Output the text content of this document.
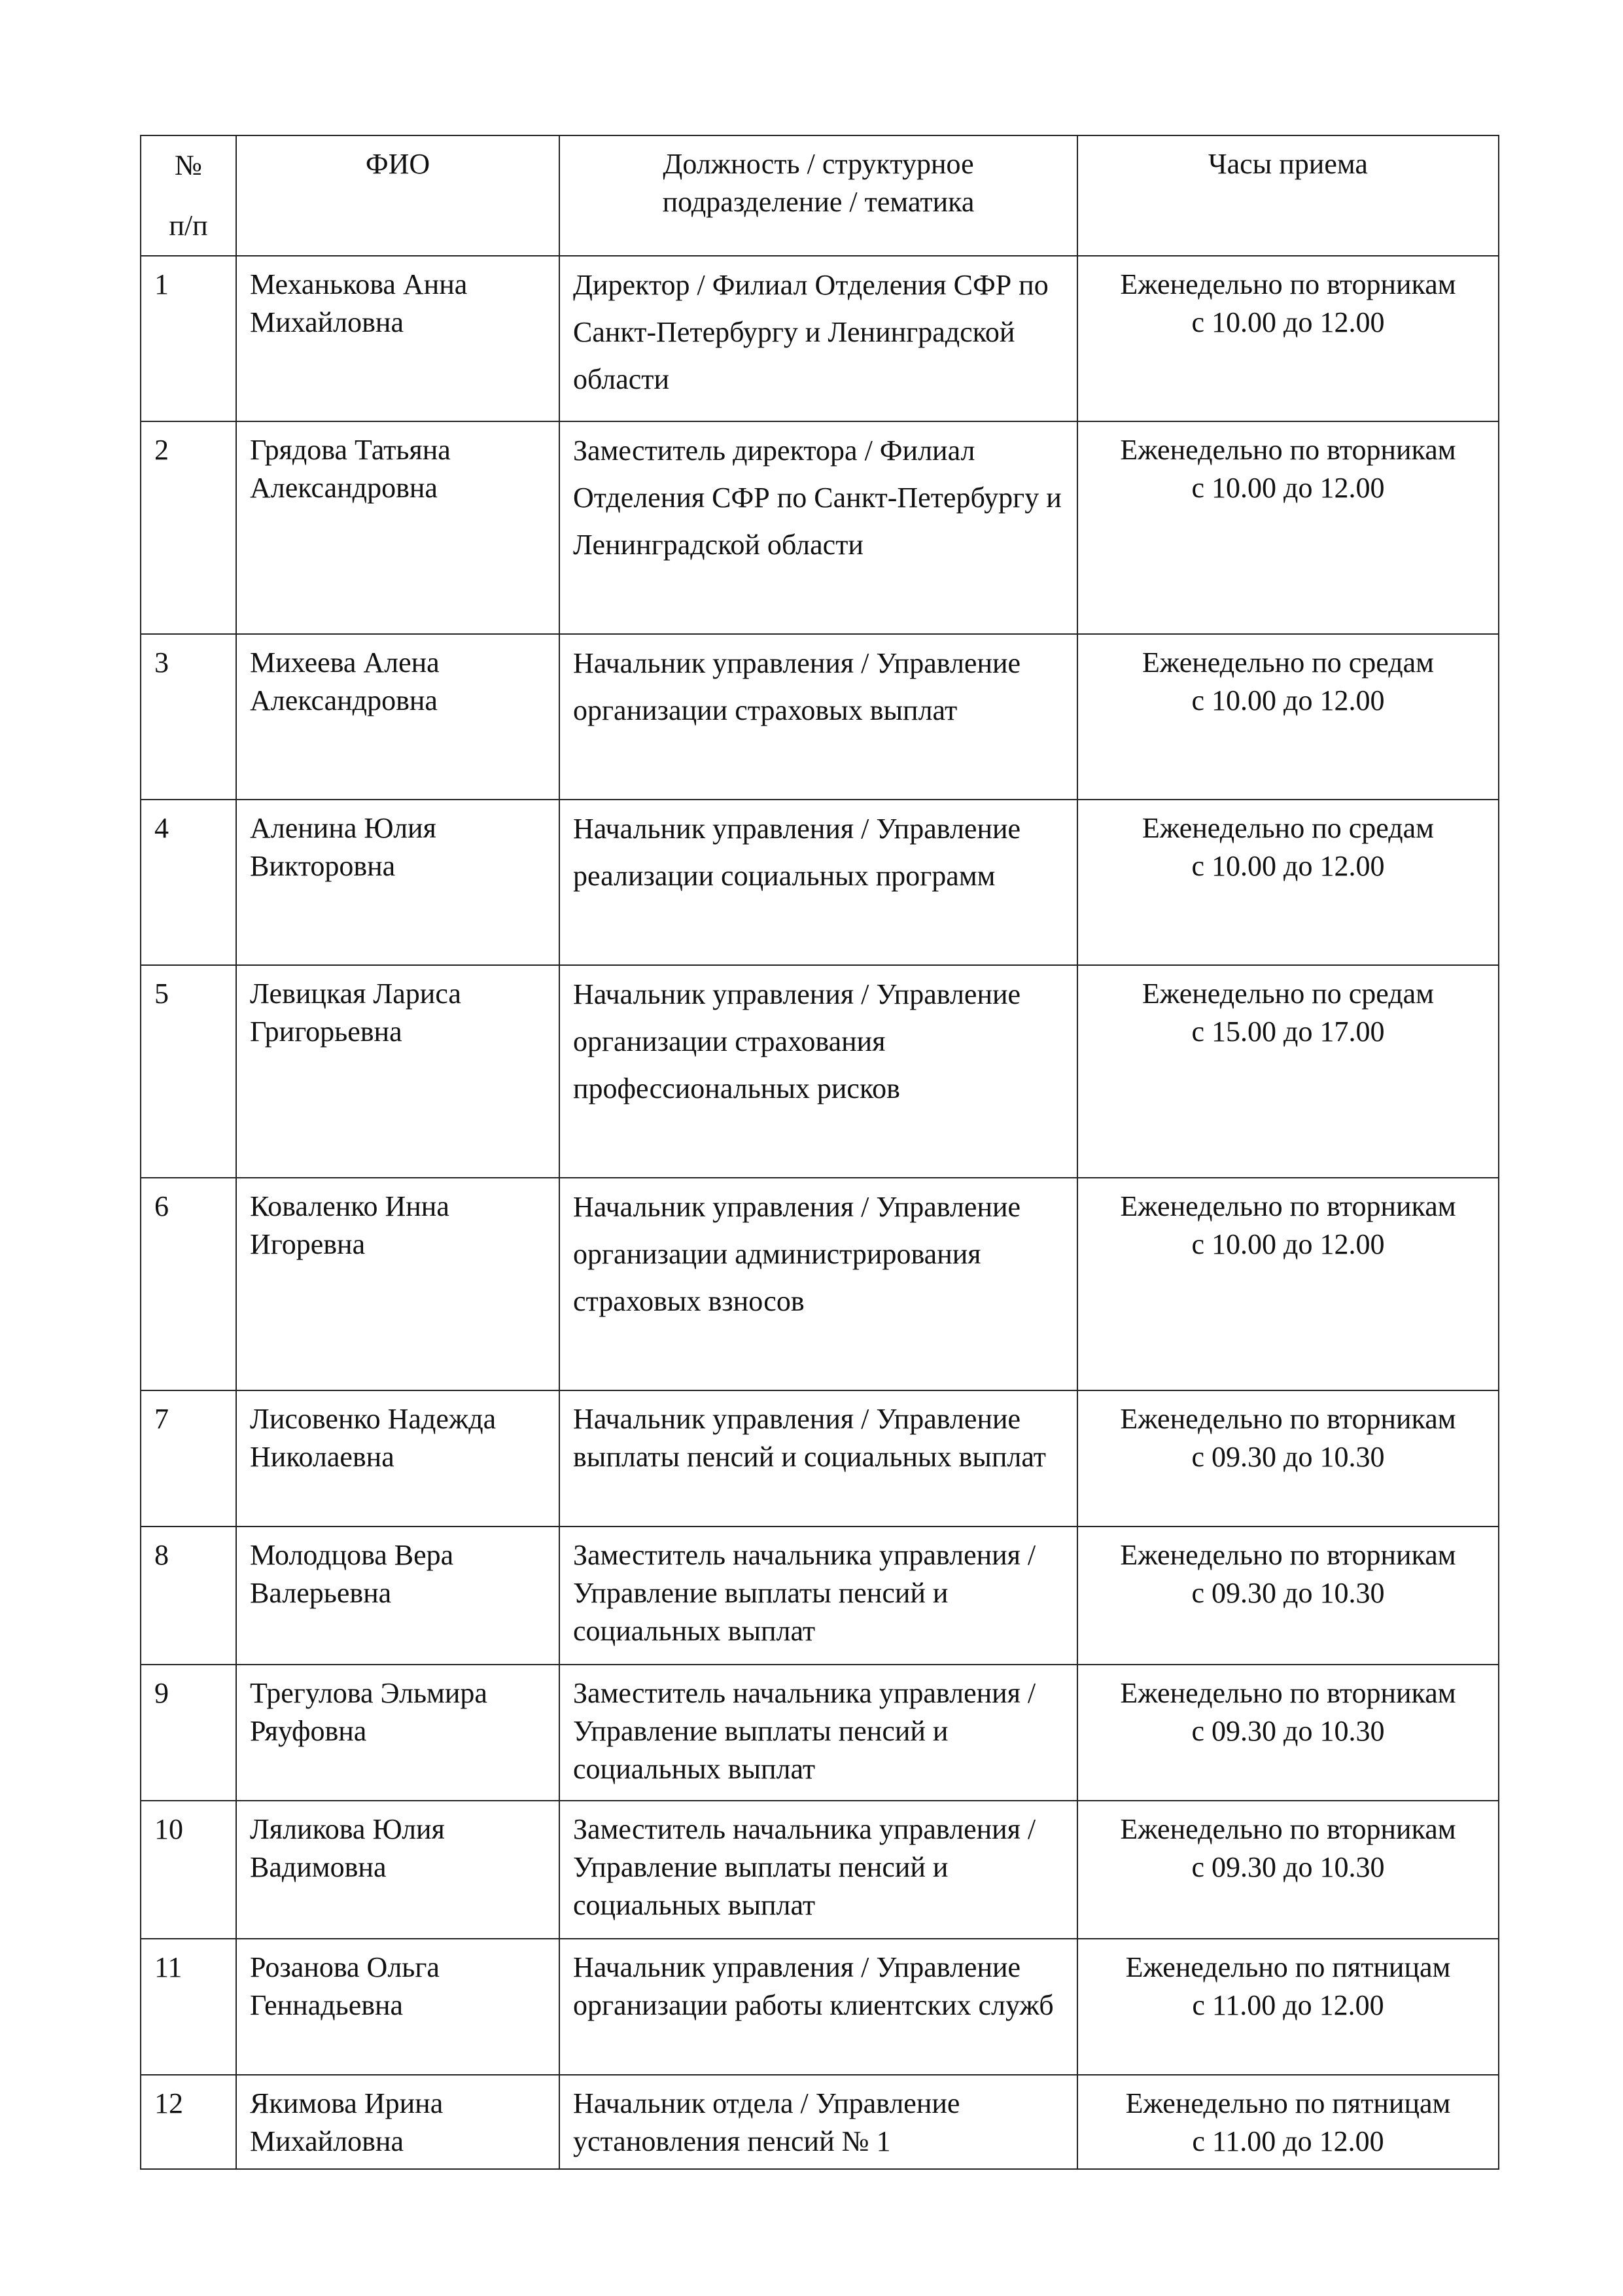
№
п/п	ФИО	Должность / структурное подразделение / тематика	Часы приема
1	Механькова Анна Михайловна	Директор / Филиал Отделения СФР по Санкт-Петербургу и Ленинградской области	Еженедельно по вторникам
с 10.00 до 12.00

2	Грядова Татьяна Александровна	Заместитель директора / Филиал Отделения СФР по Санкт-Петербургу и Ленинградской области	Еженедельно по вторникам
с 10.00 до 12.00

3	Михеева Алена Александровна	Начальник управления / Управление организации страховых выплат	Еженедельно по средам
с 10.00 до 12.00

4	Аленина Юлия Викторовна	Начальник управления / Управление реализации социальных программ	Еженедельно по средам
с 10.00 до 12.00

5	Левицкая Лариса Григорьевна	Начальник управления / Управление организации страхования профессиональных рисков	Еженедельно по средам
с 15.00 до 17.00

6	Коваленко Инна Игоревна	Начальник управления / Управление организации администрирования страховых взносов	Еженедельно по вторникам
с 10.00 до 12.00

7	Лисовенко Надежда Николаевна	Начальник управления / Управление выплаты пенсий и социальных выплат	Еженедельно по вторникам
с 09.30 до 10.30

8	Молодцова Вера Валерьевна	Заместитель начальника управления / Управление выплаты пенсий и социальных выплат	Еженедельно по вторникам
с 09.30 до 10.30

9	Трегулова Эльмира Ряуфовна	Заместитель начальника управления / Управление выплаты пенсий и социальных выплат	Еженедельно по вторникам
с 09.30 до 10.30

10	Ляликова Юлия Вадимовна	Заместитель начальника управления / Управление выплаты пенсий и социальных выплат	Еженедельно по вторникам
с 09.30 до 10.30

11	Розанова Ольга Геннадьевна	Начальник управления / Управление организации работы клиентских служб	Еженедельно по пятницам
с 11.00 до 12.00

12	Якимова Ирина Михайловна	Начальник отдела / Управление установления пенсий № 1	Еженедельно по пятницам
с 11.00 до 12.00
